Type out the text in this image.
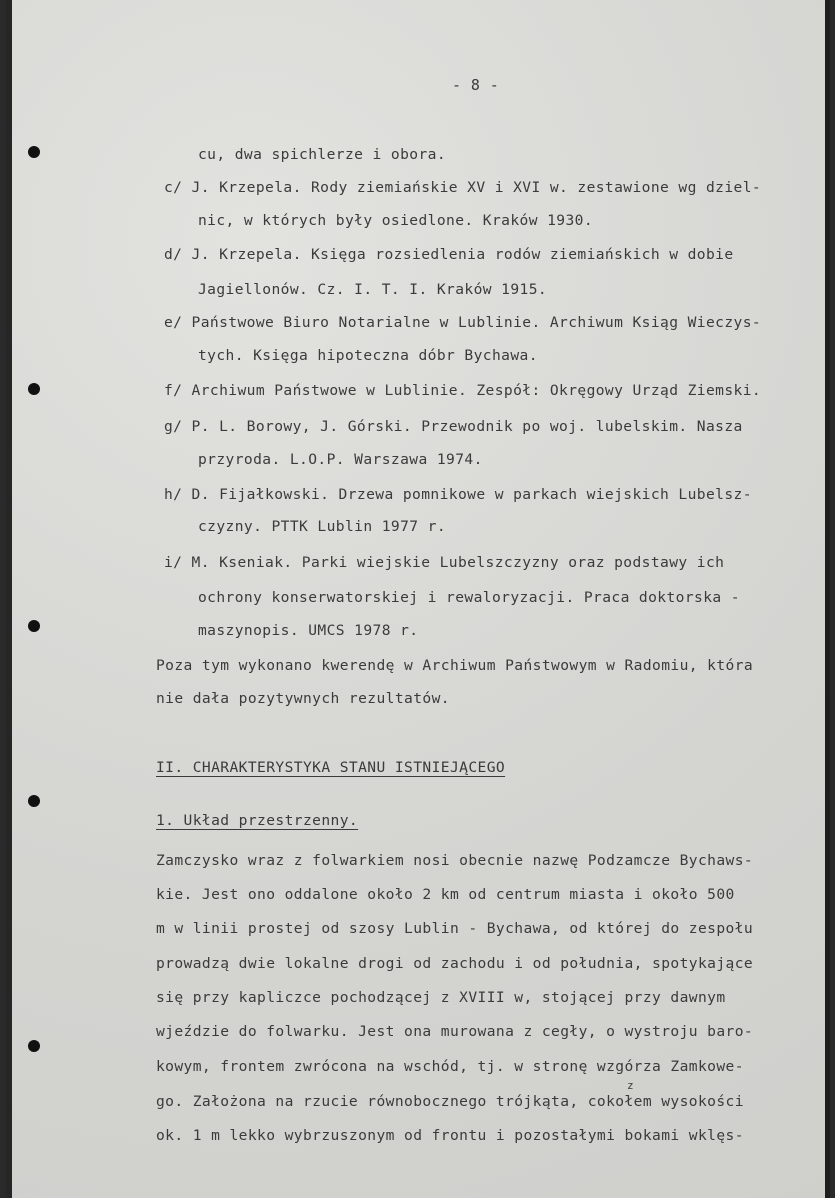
- 8 -
cu, dwa spichlerze i obora.
c/ J. Krzepela. Rody ziemiańskie XV i XVI w. zestawione wg dziel-
nic, w których były osiedlone. Kraków 1930.
d/ J. Krzepela. Księga rozsiedlenia rodów ziemiańskich w dobie
Jagiellonów. Cz. I. T. I. Kraków 1915.
e/ Państwowe Biuro Notarialne w Lublinie. Archiwum Ksiąg Wieczys-
tych. Księga hipoteczna dóbr Bychawa.
f/ Archiwum Państwowe w Lublinie. Zespół: Okręgowy Urząd Ziemski.
g/ P. L. Borowy, J. Górski. Przewodnik po woj. lubelskim. Nasza
przyroda. L.O.P. Warszawa 1974.
h/ D. Fijałkowski. Drzewa pomnikowe w parkach wiejskich Lubelsz-
czyzny. PTTK Lublin 1977 r.
i/ M. Kseniak. Parki wiejskie Lubelszczyzny oraz podstawy ich
ochrony konserwatorskiej i rewaloryzacji. Praca doktorska -
maszynopis. UMCS 1978 r.
Poza tym wykonano kwerendę w Archiwum Państwowym w Radomiu, która
nie dała pozytywnych rezultatów.
II. CHARAKTERYSTYKA STANU ISTNIEJĄCEGO
1. Układ przestrzenny.
Zamczysko wraz z folwarkiem nosi obecnie nazwę Podzamcze Bychaws-
kie. Jest ono oddalone około 2 km od centrum miasta i około 500
m w linii prostej od szosy Lublin - Bychawa, od której do zespołu
prowadzą dwie lokalne drogi od zachodu i od południa, spotykające
się przy kapliczce pochodzącej z XVIII w, stojącej przy dawnym
wjeździe do folwarku. Jest ona murowana z cegły, o wystroju baro-
kowym, frontem zwrócona na wschód, tj. w stronę wzgórza Zamkowe-
go. Założona na rzucie równobocznego trójkąta, cokołem wysokości
ok. 1 m lekko wybrzuszonym od frontu i pozostałymi bokami wklęs-
z
